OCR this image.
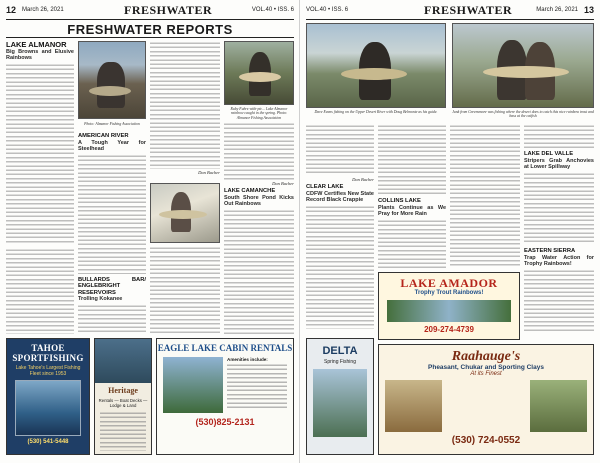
12 March 26, 2021	FRESHWATER	VOL.40 • ISS. 6
FRESHWATER REPORTS
LAKE ALMANOR
Big Browns and Elusive Rainbows
Photo: Almanor Fishing Association
AMERICAN RIVER
A Tough Year for Steelhead
BULLARDS BAR/ ENGLEBRIGHT RESERVOIRS
Trolling Kokanee
Dan Bacher
Ruby Fuhrs-with-pic... Lake Almanor rainbow caught in the spring. Photo: Almanor Fishing Association
Dan Bacher
LAKE CAMANCHE
South Shore Pond Kicks Out Rainbows
TAHOE SPORTFISHING
Lake Tahoe's Largest Fishing Fleet since 1953
(530) 541-5448
Heritage
Rentals — Boat Decks — Lodge & Land
EAGLE LAKE CABIN RENTALS
Amenities include:
(530)825-2131
VOL.40 • ISS. 6	FRESHWATER	March 26, 2021 13
Dave Evans fishing on the Upper Desert River with Doug Belmonte as his guide.	Junk from Greensmore was fishing where the desert does to catch this nice rainbow trout and bass at the catfish
Dan Bacher
CLEAR LAKE
CDFW Certifies New State Record Black Crappie	COLLINS LAKE
Plants Continue as We Pray for More Rain
LAKE DEL VALLE
Stripers Grab Anchovies at Lower Spillway
EASTERN SIERRA
Trap Water Action for Trophy Rainbows!
LAKE AMADOR
Trophy Trout Rainbows!
209-274-4739
DELTA
Spring Fishing	Raahauge's
Pheasant, Chukar and Sporting Clays
At its Finest
(530) 724-0552
